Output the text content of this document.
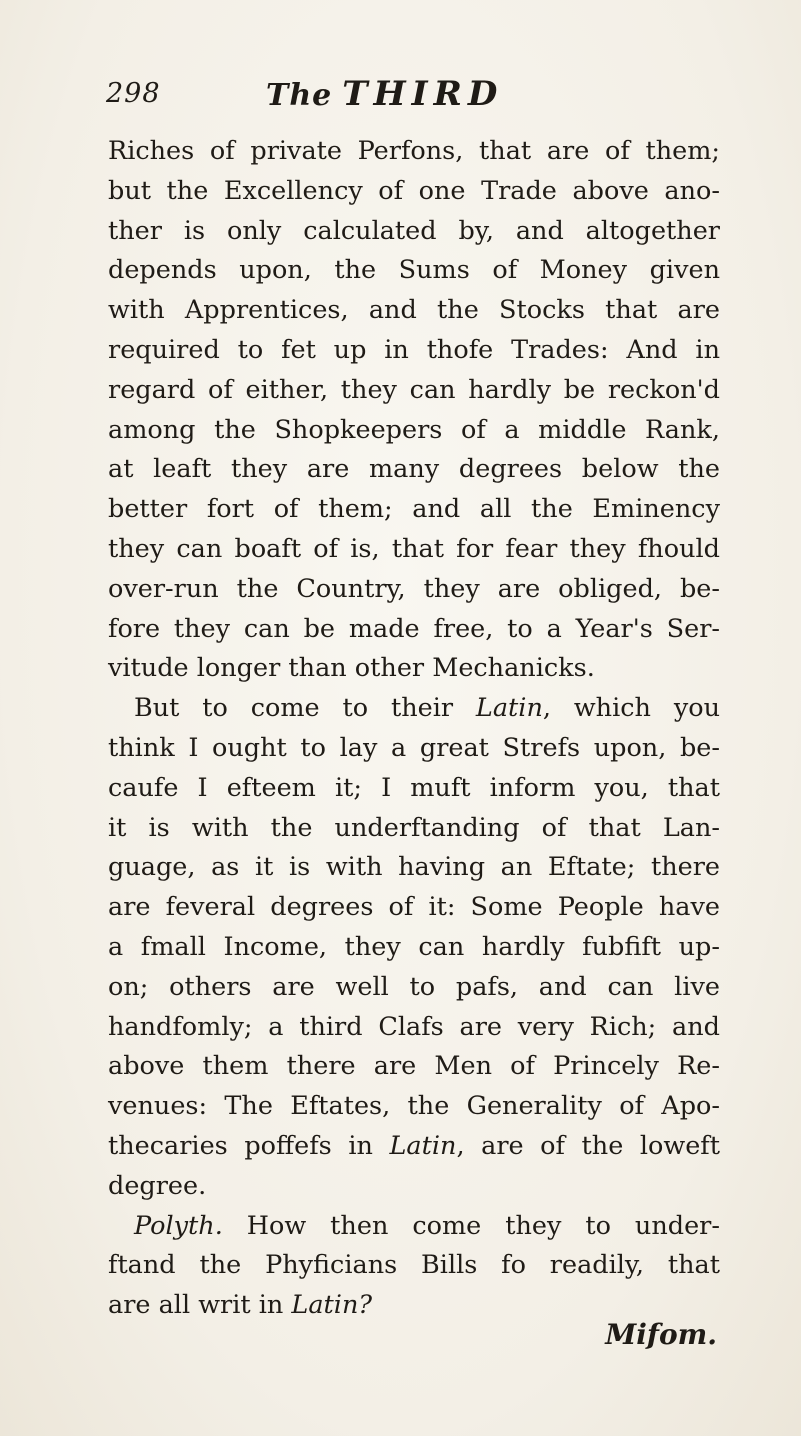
298	The THIRD
Riches of private Perfons, that are of them;
but the Excellency of one Trade above ano-
ther is only calculated by, and altogether
depends upon, the Sums of Money given
with Apprentices, and the Stocks that are
required to fet up in thofe Trades: And in
regard of either, they can hardly be reckon'd
among the Shopkeepers of a middle Rank,
at leaft they are many degrees below the
better fort of them; and all the Eminency
they can boaft of is, that for fear they fhould
over-run the Country, they are obliged, be-
fore they can be made free, to a Year's Ser-
vitude longer than other Mechanicks.
But to come to their Latin, which you
think I ought to lay a great Strefs upon, be-
caufe I efteem it; I muft inform you, that
it is with the underftanding of that Lan-
guage, as it is with having an Eftate; there
are feveral degrees of it: Some People have
a fmall Income, they can hardly fubfift up-
on; others are well to pafs, and can live
handfomly; a third Clafs are very Rich; and
above them there are Men of Princely Re-
venues: The Eftates, the Generality of Apo-
thecaries poffefs in Latin, are of the loweft
degree.
Polyth. How then come they to under-
ftand the Phyficians Bills fo readily, that
are all writ in Latin?
Mifom.
